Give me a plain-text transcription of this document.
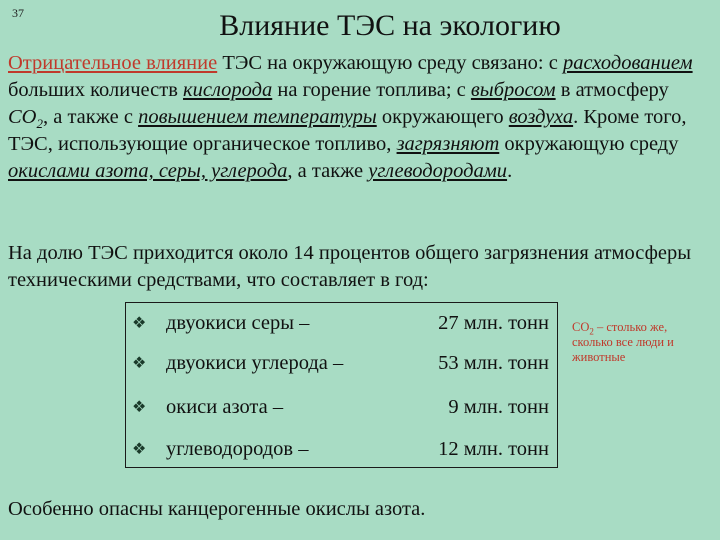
37	Влияние ТЭС на экологию
Отрицательное влияние ТЭС на окружающую среду связано: с расходованием больших количеств кислорода на горение топлива; с выбросом в атмосферу $CO_2$, а также с повышением температуры окружающего воздуха. Кроме того, ТЭС, использующие органическое топливо, загрязняют окружающую среду окислами азота, серы, углерода, а также углеводородами.
На долю ТЭС приходится около 14 процентов общего загрязнения атмосферы техническими средствами, что составляет в год:
❖ двуокиси серы –	27 млн. тонн
❖ двуокиси углерода –	53 млн. тонн
❖ окиси азота –	9 млн. тонн
❖ углеводородов –	12 млн. тонн
$CO_2$ – столько же, сколько все люди и животные
Особенно опасны канцерогенные окислы азота.
